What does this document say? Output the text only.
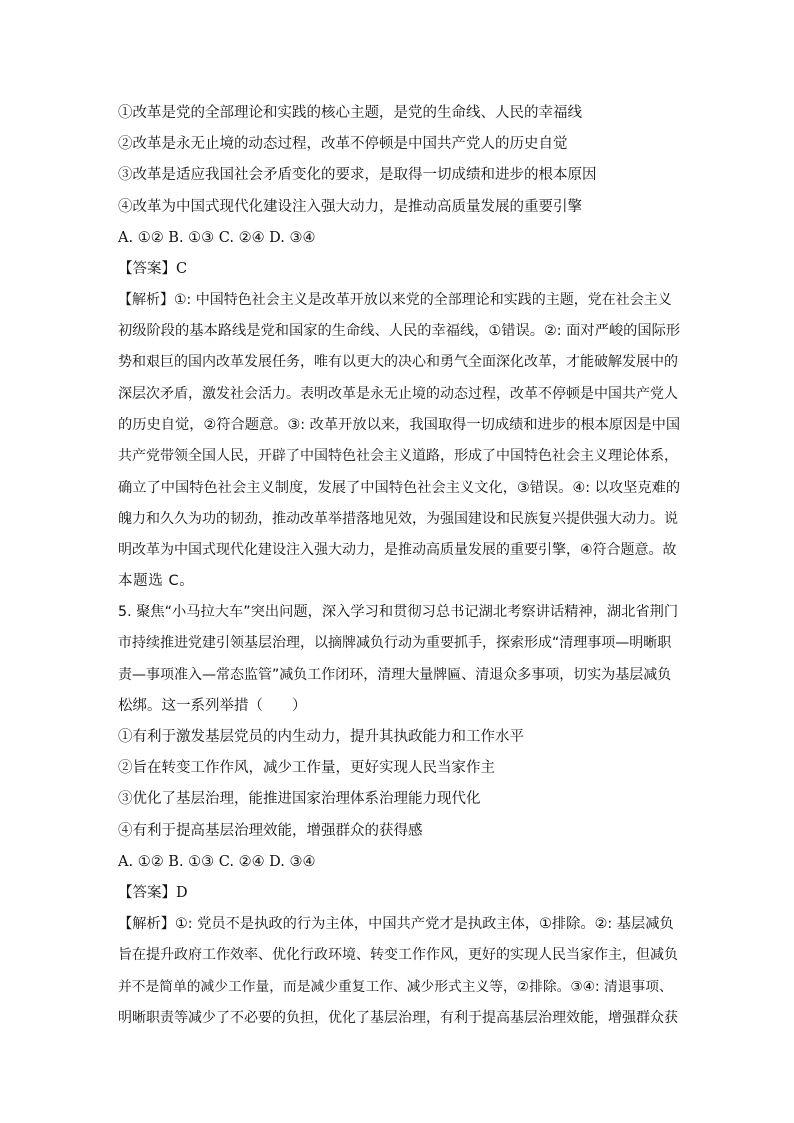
①改革是党的全部理论和实践的核心主题，是党的生命线、人民的幸福线
②改革是永无止境的动态过程，改革不停顿是中国共产党人的历史自觉
③改革是适应我国社会矛盾变化的要求，是取得一切成绩和进步的根本原因
④改革为中国式现代化建设注入强大动力，是推动高质量发展的重要引擎
A. ①② B. ①③ C. ②④ D. ③④
【答案】C
【解析】①: 中国特色社会主义是改革开放以来党的全部理论和实践的主题，党在社会主义
初级阶段的基本路线是党和国家的生命线、人民的幸福线，①错误。②: 面对严峻的国际形
势和艰巨的国内改革发展任务，唯有以更大的决心和勇气全面深化改革，才能破解发展中的
深层次矛盾，激发社会活力。表明改革是永无止境的动态过程，改革不停顿是中国共产党人
的历史自觉，②符合题意。③: 改革开放以来，我国取得一切成绩和进步的根本原因是中国
共产党带领全国人民，开辟了中国特色社会主义道路，形成了中国特色社会主义理论体系，
确立了中国特色社会主义制度，发展了中国特色社会主义文化，③错误。④: 以攻坚克难的
魄力和久久为功的韧劲，推动改革举措落地见效，为强国建设和民族复兴提供强大动力。说
明改革为中国式现代化建设注入强大动力，是推动高质量发展的重要引擎，④符合题意。故
本题选 C。
5. 聚焦“小马拉大车”突出问题，深入学习和贯彻习总书记湖北考察讲话精神，湖北省荆门
市持续推进党建引领基层治理，以摘牌减负行动为重要抓手，探索形成“清理事项—明晰职
责—事项准入—常态监管”减负工作闭环，清理大量牌匾、清退众多事项，切实为基层减负
松绑。这一系列举措（　　）
①有利于激发基层党员的内生动力，提升其执政能力和工作水平
②旨在转变工作作风，减少工作量，更好实现人民当家作主
③优化了基层治理，能推进国家治理体系治理能力现代化
④有利于提高基层治理效能，增强群众的获得感
A. ①② B. ①③ C. ②④ D. ③④
【答案】D
【解析】①: 党员不是执政的行为主体，中国共产党才是执政主体，①排除。②: 基层减负
旨在提升政府工作效率、优化行政环境、转变工作作风，更好的实现人民当家作主，但减负
并不是简单的减少工作量，而是减少重复工作、减少形式主义等，②排除。③④: 清退事项、
明晰职责等减少了不必要的负担，优化了基层治理，有利于提高基层治理效能，增强群众获
